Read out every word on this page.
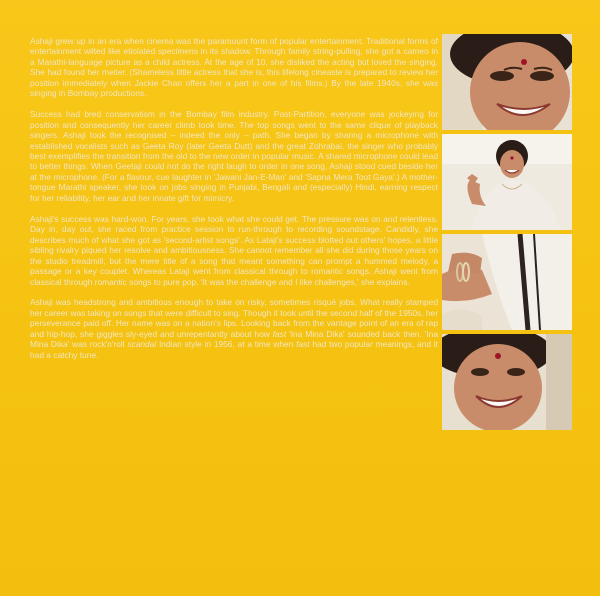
Ashaji grew up in an era when cinema was the paramount form of popular entertainment. Traditional forms of entertainment wilted like etiolated specimens in its shadow. Through family string-pulling, she got a cameo in a Marathi-language picture as a child actress. At the age of 10, she disliked the acting but loved the singing. She had found her metier. (Shameless little actress that she is, this lifelong cineaste is prepared to review her position immediately when Jackie Chan offers her a part in one of his films.) By the late 1940s, she was singing in Bombay productions.

Success had bred conservatism in the Bombay film industry. Post-Partition, everyone was jockeying for position and consequently her career climb took time. The top songs went to the same clique of playback singers. Ashaji took the recognised – indeed the only – path. She began by sharing a microphone with established vocalists such as Geeta Roy (later Geeta Dutt) and the great Zohrabai, the singer who probably best exemplifies the transition from the old to the new order in popular music. A shared microphone could lead to better things. When Geetaji could not do the right laugh to order in one song, Ashaji stood cued beside her at the microphone. (For a flavour, cue laughter in 'Jawani Jan-E-Man' and 'Sapna Mera Toot Gaya'.) A mother-tongue Marathi speaker, she took on jobs singing in Punjabi, Bengali and (especially) Hindi, earning respect for her reliability, her ear and her innate gift for mimicry.

Ashaji's success was hard-won. For years, she took what she could get. The pressure was on and relentless. Day in, day out, she raced from practice session to run-through to recording soundstage. Candidly, she describes much of what she got as 'second-artist songs'. As Lataji's success blotted out others' hopes, a little sibling rivalry piqued her resolve and ambitiousness. She cannot remember all she did during those years on the studio treadmill, but the mere title of a song that meant something can prompt a hummed melody, a passage or a key couplet. Whereas Lataji went from classical through to romantic songs, Ashaji went from classical through romantic songs to pure pop. 'It was the challenge and I like challenges,' she explains.

Ashaji was headstrong and ambitious enough to take on risky, sometimes risqué jobs. What really stamped her career was taking on songs that were difficult to sing. Though it took until the second half of the 1950s, her perseverance paid off. Her name was on a nation's lips. Looking back from the vantage point of an era of rap and hip-hop, she giggles sly-eyed and unrepentantly about how fast 'Ina Mina Dika' sounded back then. 'Ina Mina Dika' was rock'n'roll scandal Indian style in 1956, at a time when fast had two popular meanings, and it had a catchy tune.
